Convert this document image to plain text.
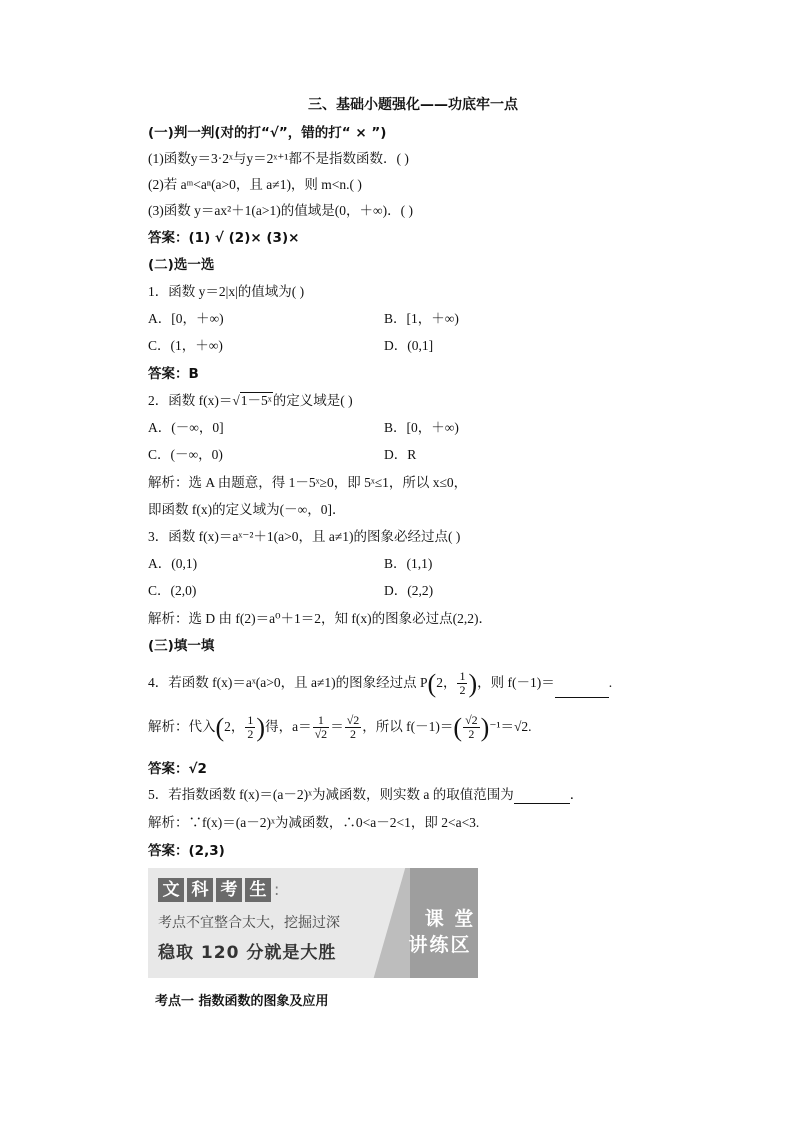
三、基础小题强化——功底牢一点
(一)判一判(对的打“√”，错的打“ × ”)
(1)函数y＝3·2ˣ与y＝2ˣ⁺¹都不是指数函数．( )
(2)若 aᵐ<aⁿ(a>0，且 a≠1)，则 m<n.( )
(3)函数 y＝ax²＋1(a>1)的值域是(0，＋∞)．( )
答案：(1) √ (2)× (3)×
(二)选一选
1．函数 y＝2|x|的值域为( )
A．[0，＋∞)	B．[1，＋∞)
C．(1，＋∞)	D．(0,1]
答案：B
2．函数 f(x)＝√1－5ˣ的定义域是( )
A．(－∞，0]	B．[0，＋∞)
C．(－∞，0)	D．R
解析：选 A 由题意，得 1－5ˣ≥0，即 5ˣ≤1，所以 x≤0，
即函数 f(x)的定义域为(－∞，0]．
3．函数 f(x)＝aˣ⁻²＋1(a>0，且 a≠1)的图象必经过点( )
A．(0,1)	B．(1,1)
C．(2,0)	D．(2,2)
解析：选 D 由 f(2)＝a⁰＋1＝2，知 f(x)的图象必过点(2,2)．
(三)填一填
4．若函数 f(x)＝aˣ(a>0，且 a≠1)的图象经过点 P(2， $\frac{1}{2}$ )，则 f(－1)＝	.
解析：代入(2， $\frac{1}{2}$ )得，$a= \frac{1}{√2} = \frac{√2}{2}$ ，所以 $f(-1)=( \frac{√2}{2} )^{-1}=√2$.
答案：√2
5．若指数函数 f(x)＝(a－2)ˣ为减函数，则实数 a 的取值范围为	．
解析：∵f(x)＝(a－2)ˣ为减函数，∴0<a－2<1，即 2<a<3.
答案：(2,3)
文 科 考 生 :
考点不宜整合太大，挖掘过深
稳取 120 分就是大胜
课 堂
讲练区
考点一 指数函数的图象及应用
